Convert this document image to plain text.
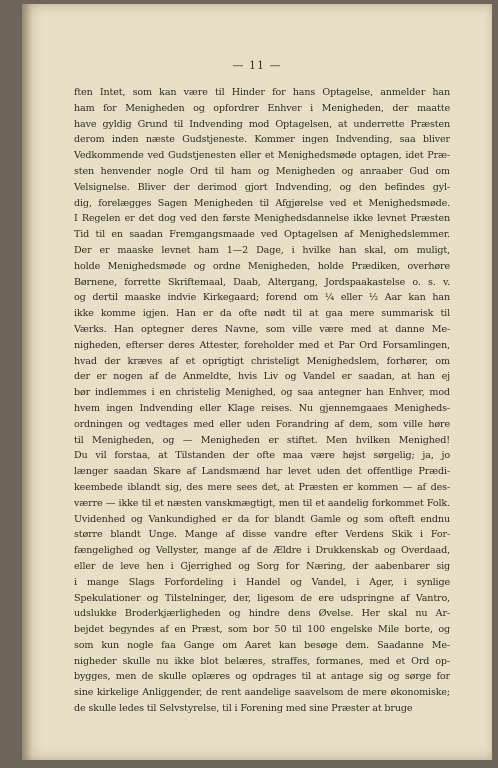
— 11 —

ften Intet, som kan være til Hinder for hans Optagelse, anmelder han
ham for Menigheden og opfordrer Enhver i Menigheden, der maatte
have gyldig Grund til Indvending mod Optagelsen, at underrette Præsten
derom inden næste Gudstjeneste. Kommer ingen Indvending, saa bliver
Vedkommende ved Gudstjenesten eller et Menighedsmøde optagen, idet Præ-
sten henvender nogle Ord til ham og Menigheden og anraaber Gud om
Velsignelse. Bliver der derimod gjort Indvending, og den befindes gyl-
dig, forelægges Sagen Menigheden til Afgjørelse ved et Menighedsmøde.
I Regelen er det dog ved den første Menighedsdannelse ikke levnet Præsten
Tid til en saadan Fremgangsmaade ved Optagelsen af Menighedslemmer.
Der er maaske levnet ham 1—2 Dage, i hvilke han skal, om muligt,
holde Menighedsmøde og ordne Menigheden, holde Prædiken, overhøre
Børnene, forrette Skriftemaal, Daab, Altergang, Jordspaakastelse o. s. v.
og dertil maaske indvie Kirkegaard; forend om ¼ eller ½ Aar kan han
ikke komme igjen. Han er da ofte nødt til at gaa mere summarisk til
Værks. Han optegner deres Navne, som ville være med at danne Me-
nigheden, efterser deres Attester, foreholder med et Par Ord Forsamlingen,
hvad der kræves af et oprigtigt christeligt Menighedslem, forhører, om
der er nogen af de Anmeldte, hvis Liv og Vandel er saadan, at han ej
bør indlemmes i en christelig Menighed, og saa antegner han Enhver, mod
hvem ingen Indvending eller Klage reises. Nu gjennemgaaes Menigheds-
ordningen og vedtages med eller uden Forandring af dem, som ville høre
til Menigheden, og — Menigheden er stiftet. Men hvilken Menighed!
Du vil forstaa, at Tilstanden der ofte maa være højst sørgelig; ja, jo
længer saadan Skare af Landsmænd har levet uden det offentlige Prædi-
keembede iblandt sig, des mere sees det, at Præsten er kommen — af des-
værre — ikke til et næsten vanskmægtigt, men til et aandelig forkommet Folk.
Uvidenhed og Vankundighed er da for blandt Gamle og som ofteft endnu
større blandt Unge. Mange af disse vandre efter Verdens Skik i For-
fængelighed og Vellyster, mange af de Ældre i Drukkenskab og Overdaad,
eller de leve hen i Gjerrighed og Sorg for Næring, der aabenbarer sig
i mange Slags Forfordeling i Handel og Vandel, i Ager, i synlige
Spekulationer og Tilstelninger, der, ligesom de ere udspringne af Vantro,
udslukke Broderkjærligheden og hindre dens Øvelse. Her skal nu Ar-
bejdet begyndes af en Præst, som bor 50 til 100 engelske Mile borte, og
som kun nogle faa Gange om Aaret kan besøge dem. Saadanne Me-
nigheder skulle nu ikke blot belæres, straffes, formanes, med et Ord op-
bygges, men de skulle oplæres og opdrages til at antage sig og sørge for
sine kirkelige Anliggender, de rent aandelige saavelsom de mere økonomiske;
de skulle ledes til Selvstyrelse, til i Forening med sine Præster at bruge
